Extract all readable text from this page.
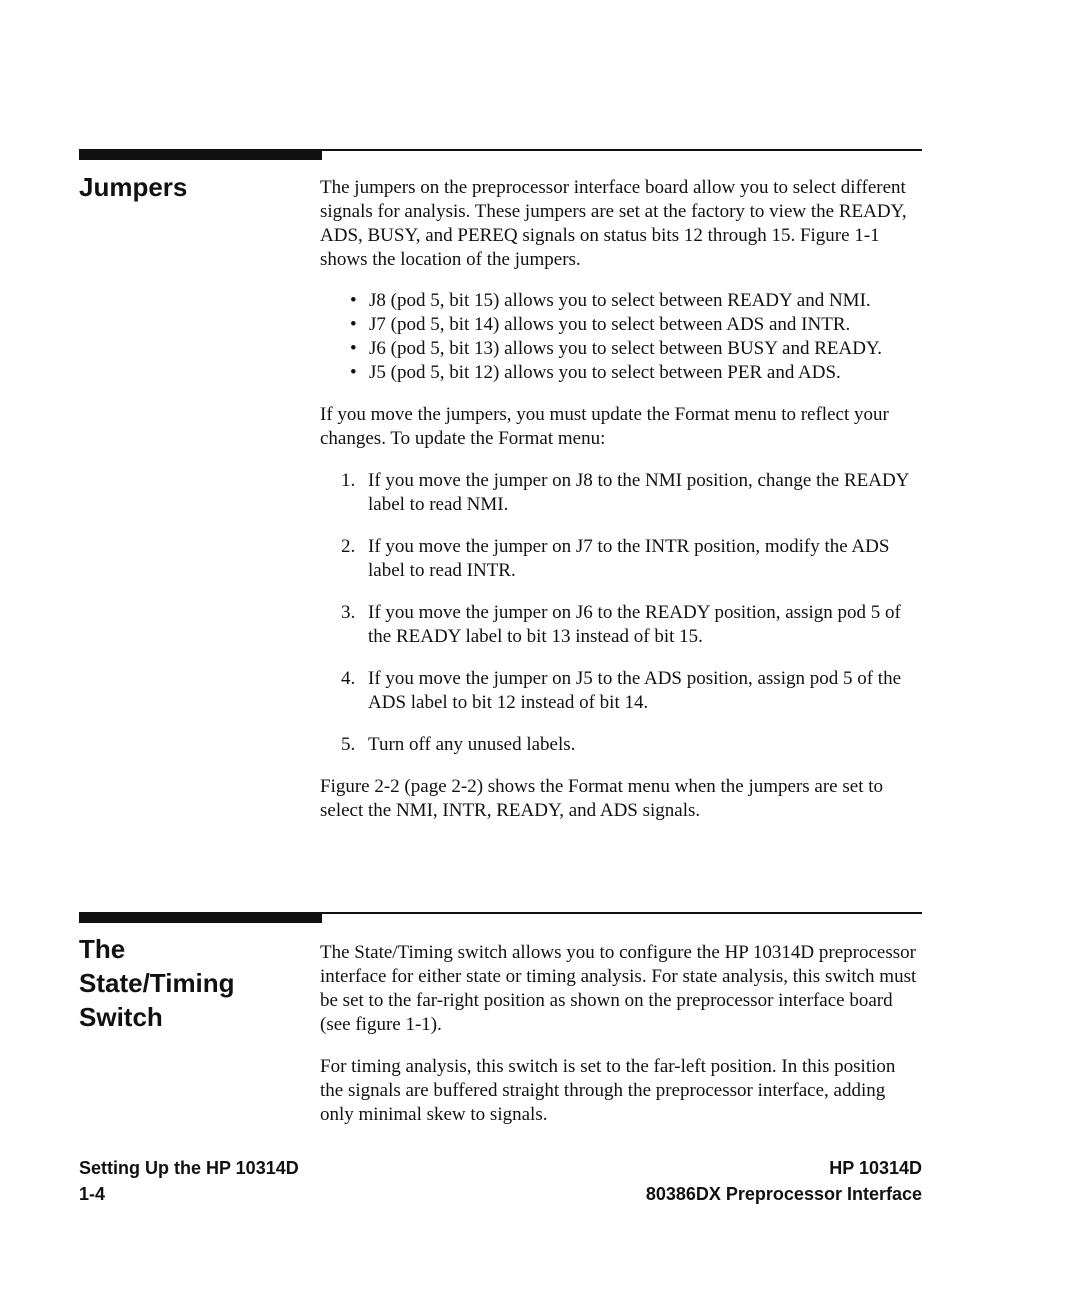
Jumpers	The jumpers on the preprocessor interface board allow you to select different signals for analysis. These jumpers are set at the factory to view the READY, ADS, BUSY, and PEREQ signals on status bits 12 through 15. Figure 1-1 shows the location of the jumpers.

• J8 (pod 5, bit 15) allows you to select between READY and NMI.
• J7 (pod 5, bit 14) allows you to select between ADS and INTR.
• J6 (pod 5, bit 13) allows you to select between BUSY and READY.
• J5 (pod 5, bit 12) allows you to select between PER and ADS.

If you move the jumpers, you must update the Format menu to reflect your changes. To update the Format menu:

1. If you move the jumper on J8 to the NMI position, change the READY label to read NMI.
2. If you move the jumper on J7 to the INTR position, modify the ADS label to read INTR.
3. If you move the jumper on J6 to the READY position, assign pod 5 of the READY label to bit 13 instead of bit 15.
4. If you move the jumper on J5 to the ADS position, assign pod 5 of the ADS label to bit 12 instead of bit 14.
5. Turn off any unused labels.

Figure 2-2 (page 2-2) shows the Format menu when the jumpers are set to select the NMI, INTR, READY, and ADS signals.

The
State/Timing
Switch

The State/Timing switch allows you to configure the HP 10314D preprocessor interface for either state or timing analysis. For state analysis, this switch must be set to the far-right position as shown on the preprocessor interface board (see figure 1-1).

For timing analysis, this switch is set to the far-left position. In this position the signals are buffered straight through the preprocessor interface, adding only minimal skew to signals.

Setting Up the HP 10314D
1-4
HP 10314D
80386DX Preprocessor Interface
